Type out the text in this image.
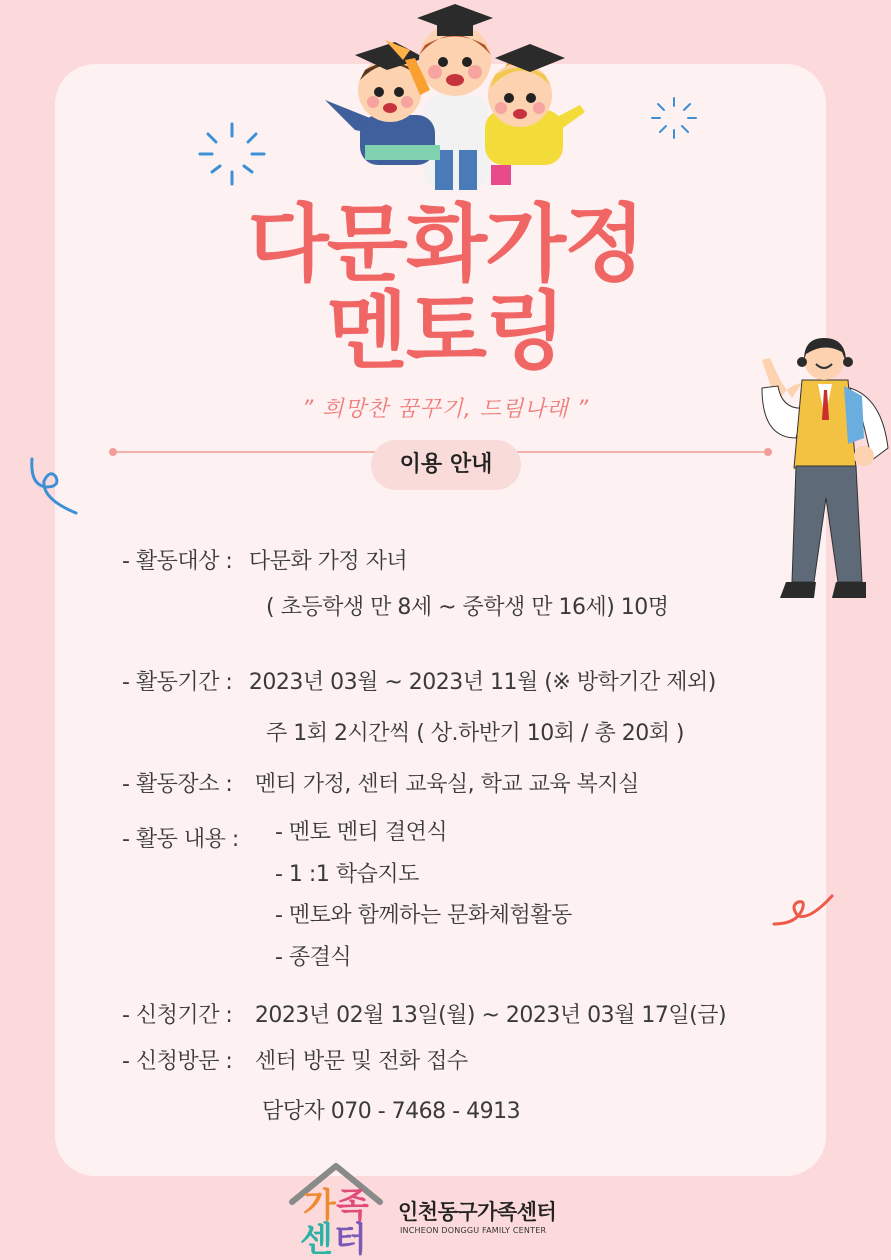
다문화가정
멘토링
” 희망찬 꿈꾸기, 드림나래 ”
이용 안내
- 활동대상 : 다문화 가정 자녀
( 초등학생 만 8세 ~ 중학생 만 16세) 10명
- 활동기간 : 2023년 03월 ~ 2023년 11월 (※ 방학기간 제외)
주 1회 2시간씩 ( 상.하반기 10회 / 총 20회 )
- 활동장소 : 멘티 가정, 센터 교육실, 학교 교육 복지실
- 활동 내용 : - 멘토 멘티 결연식
- 1 :1 학습지도
- 멘토와 함께하는 문화체험활동
- 종결식
- 신청기간 : 2023년 02월 13일(월) ~ 2023년 03월 17일(금)
- 신청방문 : 센터 방문 및 전화 접수
담당자 070 - 7468 - 4913
가 족
센 터
인천동구가족센터
INCHEON DONGGU FAMILY CENTER
